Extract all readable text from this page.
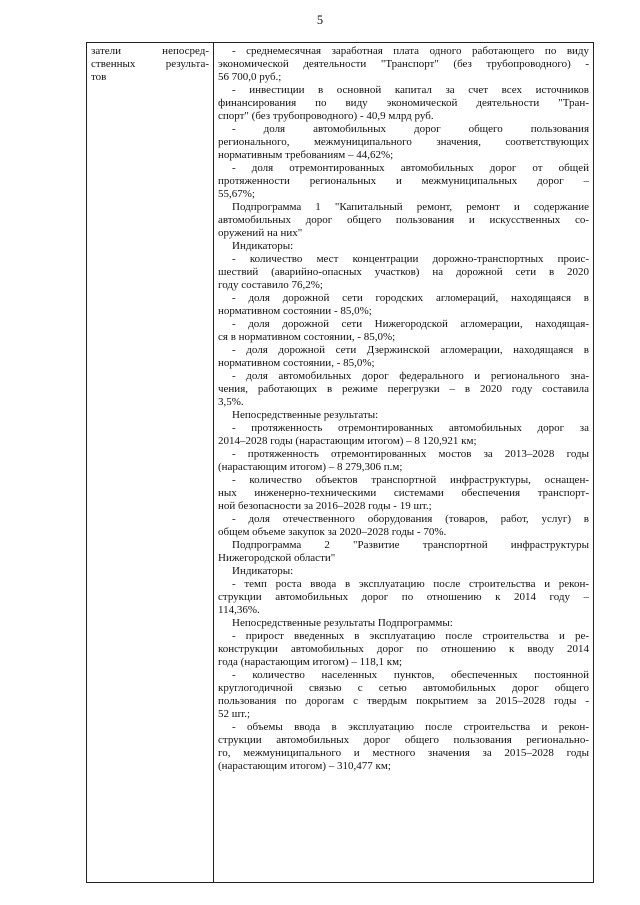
5
затели непосред-
ственных результа-
тов
- среднемесячная заработная плата одного работающего по виду
экономической деятельности "Транспорт" (без трубопроводного) -
56 700,0 руб.;
- инвестиции в основной капитал за счет всех источников
финансирования по виду экономической деятельности "Тран-
спорт" (без трубопроводного) - 40,9 млрд руб.
- доля автомобильных дорог общего пользования
регионального, межмуниципального значения, соответствующих
нормативным требованиям – 44,62%;
- доля отремонтированных автомобильных дорог от общей
протяженности региональных и межмуниципальных дорог –
55,67%;
Подпрограмма 1 "Капитальный ремонт, ремонт и содержание
автомобильных дорог общего пользования и искусственных со-
оружений на них"
Индикаторы:
- количество мест концентрации дорожно-транспортных проис-
шествий (аварийно-опасных участков) на дорожной сети в 2020
году составило 76,2%;
- доля дорожной сети городских агломераций, находящаяся в
нормативном состоянии - 85,0%;
- доля дорожной сети Нижегородской агломерации, находящая-
ся в нормативном состоянии, - 85,0%;
- доля дорожной сети Дзержинской агломерации, находящаяся в
нормативном состоянии, - 85,0%;
- доля автомобильных дорог федерального и регионального зна-
чения, работающих в режиме перегрузки – в 2020 году составила
3,5%.
Непосредственные результаты:
- протяженность отремонтированных автомобильных дорог за
2014–2028 годы (нарастающим итогом) – 8 120,921 км;
- протяженность отремонтированных мостов за 2013–2028 годы
(нарастающим итогом) – 8 279,306 п.м;
- количество объектов транспортной инфраструктуры, оснащен-
ных инженерно-техническими системами обеспечения транспорт-
ной безопасности за 2016–2028 годы - 19 шт.;
- доля отечественного оборудования (товаров, работ, услуг) в
общем объеме закупок за 2020–2028 годы - 70%.
Подпрограмма 2 "Развитие транспортной инфраструктуры
Нижегородской области"
Индикаторы:
- темп роста ввода в эксплуатацию после строительства и рекон-
струкции автомобильных дорог по отношению к 2014 году –
114,36%.
Непосредственные результаты Подпрограммы:
- прирост введенных в эксплуатацию после строительства и ре-
конструкции автомобильных дорог по отношению к вводу 2014
года (нарастающим итогом) – 118,1 км;
- количество населенных пунктов, обеспеченных постоянной
круглогодичной связью с сетью автомобильных дорог общего
пользования по дорогам с твердым покрытием за 2015–2028 годы -
52 шт.;
- объемы ввода в эксплуатацию после строительства и рекон-
струкции автомобильных дорог общего пользования регионально-
го, межмуниципального и местного значения за 2015–2028 годы
(нарастающим итогом) – 310,477 км;
